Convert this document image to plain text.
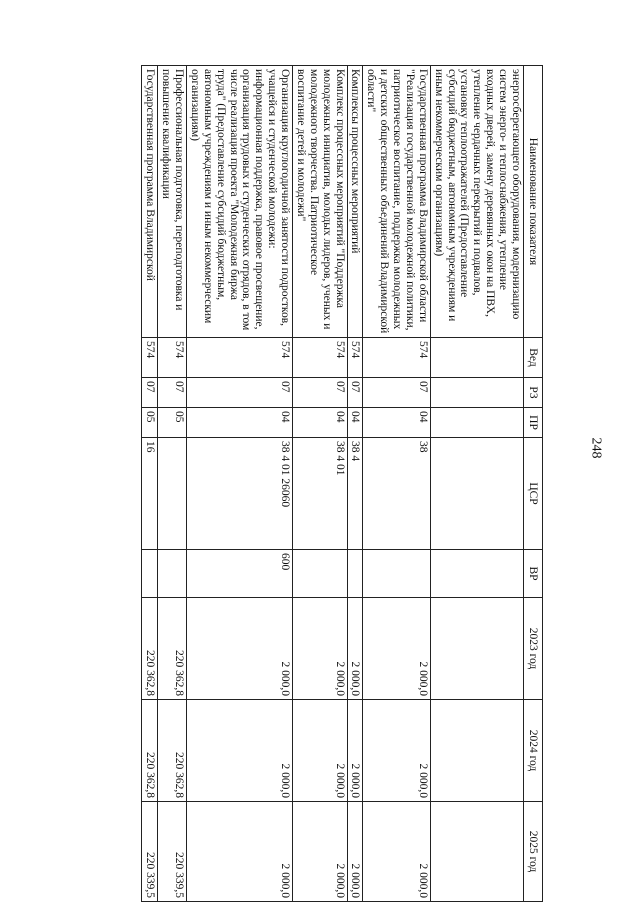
248
Наименование показателя	Вед	РЗ	ПР	ЦСР	ВР	2023 год	2024 год	2025 год
энергосберегающего оборудования, модернизацию систем энерго- и теплоснабжения, утепление входных дверей, замену деревянных окон на ПВХ, утепление чердачных перекрытий и подвалов, установку теплоотражателей (Предоставление субсидий бюджетным, автономным учреждениям и иным некоммерческим организациям)								
Государственная программа Владимирской области "Реализация государственной молодежной политики, патриотическое воспитание, поддержка молодежных и детских общественных объединений Владимирской области"	574	07	04	38		2 000,0	2 000,0	2 000,0
Комплексы процессных мероприятий	574	07	04	38 4		2 000,0	2 000,0	2 000,0
Комплекс процессных мероприятий "Поддержка молодежных инициатив, молодых лидеров, ученых и молодежного творчества. Патриотическое воспитание детей и молодежи"	574	07	04	38 4 01		2 000,0	2 000,0	2 000,0
Организация круглогодичной занятости подростков, учащейся и студенческой молодежи: информационная поддержка, правовое просвещение, организация трудовых и студенческих отрядов, в том числе реализация проекта "Молодежная биржа труда" (Предоставление субсидий бюджетным, автономным учреждениям и иным некоммерческим организациям)	574	07	04	38 4 01 26060	600	2 000,0	2 000,0	2 000,0
Профессиональная подготовка, переподготовка и повышение квалификации	574	07	05			220 362,8	220 362,8	220 339,5
Государственная программа Владимирской	574	07	05	16		220 362,8	220 362,8	220 339,5
